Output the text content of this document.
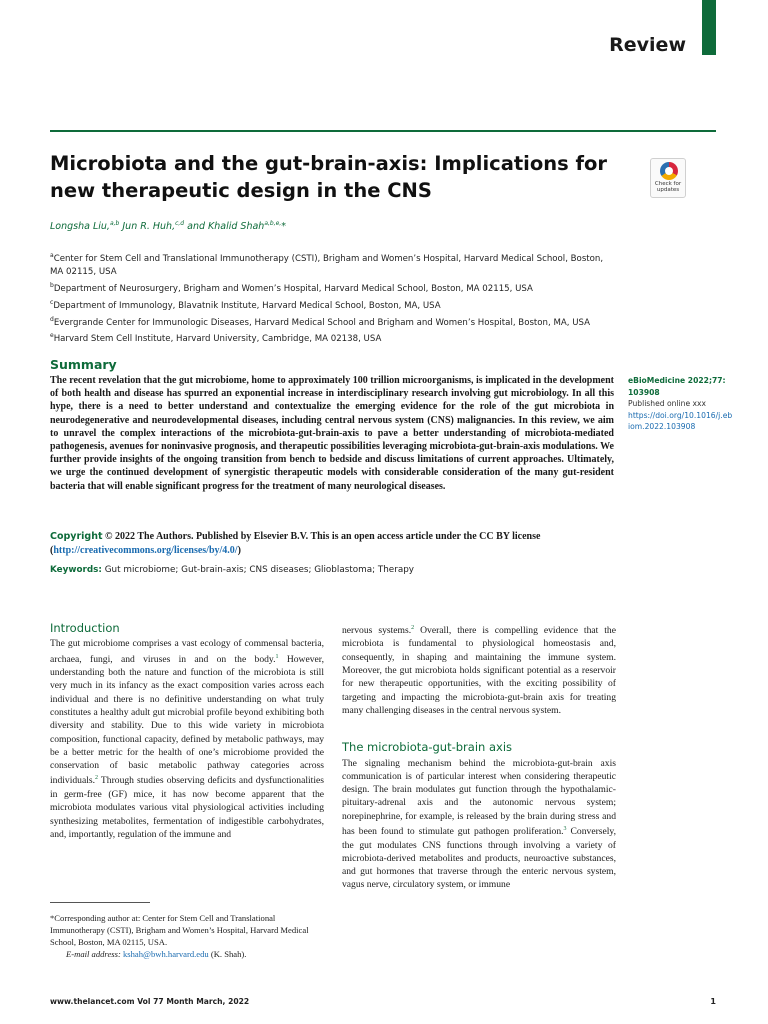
Review
Microbiota and the gut-brain-axis: Implications for new therapeutic design in the CNS	Check for
updates
Longsha Liu,$^{a,b}$ Jun R. Huh,$^{c,d}$ and Khalid Shah$^{a,b,e,}$*
$^a$Center for Stem Cell and Translational Immunotherapy (CSTI), Brigham and Women’s Hospital, Harvard Medical School, Boston, MA 02115, USA
$^b$Department of Neurosurgery, Brigham and Women’s Hospital, Harvard Medical School, Boston, MA 02115, USA
$^c$Department of Immunology, Blavatnik Institute, Harvard Medical School, Boston, MA, USA
$^d$Evergrande Center for Immunologic Diseases, Harvard Medical School and Brigham and Women’s Hospital, Boston, MA, USA
$^e$Harvard Stem Cell Institute, Harvard University, Cambridge, MA 02138, USA
Summary

The recent revelation that the gut microbiome, home to approximately 100 trillion microorganisms, is implicated in the development of both health and disease has spurred an exponential increase in interdisciplinary research involving gut microbiology. In all this hype, there is a need to better understand and contextualize the emerging evidence for the role of the gut microbiota in neurodegenerative and neurodevelopmental diseases, including central nervous system (CNS) malignancies. In this review, we aim to unravel the complex interactions of the microbiota-gut-brain-axis to pave a better understanding of microbiota-mediated pathogenesis, avenues for noninvasive prognosis, and therapeutic possibilities leveraging microbiota-gut-brain-axis modulations. We further provide insights of the ongoing transition from bench to bedside and discuss limitations of current approaches. Ultimately, we urge the continued development of synergistic therapeutic models with considerable consideration of the many gut-resident bacteria that will enable significant progress for the treatment of many neurological diseases.

eBioMedicine 2022;77: 103908
Published online xxx
https://doi.org/10.1016/j.ebiom.2022.103908

Copyright © 2022 The Authors. Published by Elsevier B.V. This is an open access article under the CC BY license (http://creativecommons.org/licenses/by/4.0/)

Keywords: Gut microbiome; Gut-brain-axis; CNS diseases; Glioblastoma; Therapy

Introduction

The gut microbiome comprises a vast ecology of commensal bacteria, archaea, fungi, and viruses in and on the body.$^1$ However, understanding both the nature and function of the microbiota is still very much in its infancy as the exact composition varies across each individual and there is no definitive understanding on what truly constitutes a healthy adult gut microbial profile beyond exhibiting both diversity and stability. Due to this wide variety in microbiota composition, functional capacity, defined by metabolic pathways, may be a better metric for the health of one’s microbiome provided the conservation of basic metabolic pathway categories across individuals.$^2$ Through studies observing deficits and dysfunctionalities in germ-free (GF) mice, it has now become apparent that the microbiota modulates various vital physiological activities including synthesizing metabolites, fermentation of indigestible carbohydrates, and, importantly, regulation of the immune and

nervous systems.$^2$ Overall, there is compelling evidence that the microbiota is fundamental to physiological homeostasis and, consequently, in shaping and maintaining the immune system. Moreover, the gut microbiota holds significant potential as a reservoir for new therapeutic opportunities, with the exciting possibility of targeting and impacting the microbiota-gut-brain axis for treating many challenging diseases in the central nervous system.

The microbiota-gut-brain axis

The signaling mechanism behind the microbiota-gut-brain axis communication is of particular interest when considering therapeutic design. The brain modulates gut function through the hypothalamic-pituitary-adrenal axis and the autonomic nervous system; norepinephrine, for example, is released by the brain during stress and has been found to stimulate gut pathogen proliferation.$^3$ Conversely, the gut modulates CNS functions through involving a variety of microbiota-derived metabolites and products, neuroactive substances, and gut hormones that traverse through the enteric nervous system, vagus nerve, circulatory system, or immune

*Corresponding author at: Center for Stem Cell and Translational Immunotherapy (CSTI), Brigham and Women’s Hospital, Harvard Medical School, Boston, MA 02115, USA.

E-mail address: kshah@bwh.harvard.edu (K. Shah).

www.thelancet.com Vol 77 Month March, 2022	1
